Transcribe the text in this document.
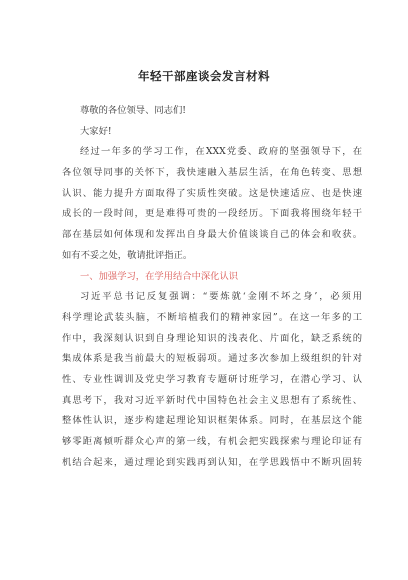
年轻干部座谈会发言材料
尊敬的各位领导、同志们!
大家好!
经过一年多的学习工作，在XXX党委、政府的坚强领导下，在
各位领导同事的关怀下，我快速融入基层生活，在角色转变、思想
认识、能力提升方面取得了实质性突破。这是快速适应、也是快速
成长的一段时间，更是难得可贵的一段经历。下面我将围绕年轻干
部在基层如何体现和发挥出自身最大价值谈谈自己的体会和收获。
如有不妥之处，敬请批评指正。
一、加强学习，在学用结合中深化认识
习近平总书记反复强调：“要炼就‘金刚不坏之身’，必须用
科学理论武装头脑，不断培植我们的精神家园”。在这一年多的工
作中，我深刻认识到自身理论知识的浅表化、片面化，缺乏系统的
集成体系是我当前最大的短板弱项。通过多次参加上级组织的针对
性、专业性调训及党史学习教育专题研讨班学习，在潜心学习、认
真思考下，我对习近平新时代中国特色社会主义思想有了系统性、
整体性认识，逐步构建起理论知识框架体系。同时，在基层这个能
够零距离倾听群众心声的第一线，有机会把实践探索与理论印证有
机结合起来，通过理论到实践再到认知，在学思践悟中不断巩固转
